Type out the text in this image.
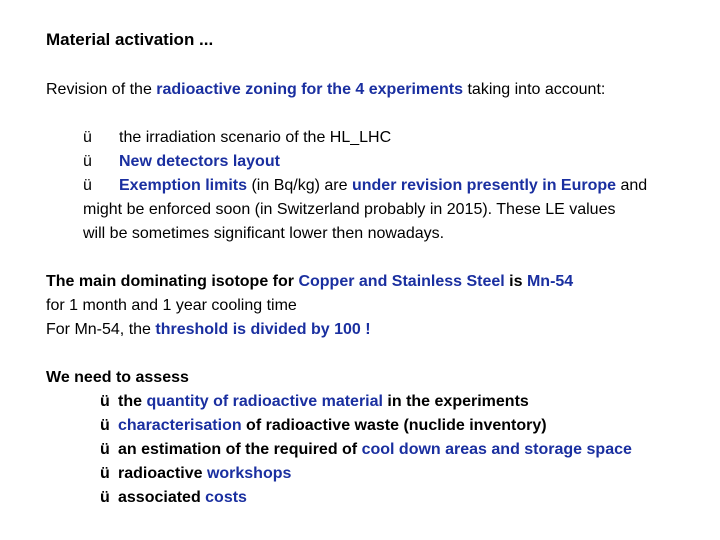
Material activation ...
Revision of the radioactive zoning for the 4 experiments taking into account:
ü the irradiation scenario of the HL_LHC
ü New detectors layout
ü Exemption limits (in Bq/kg) are under revision presently in Europe and
might be enforced soon (in Switzerland probably in 2015). These LE values
will be sometimes significant lower then nowadays.
The main dominating isotope for Copper and Stainless Steel is Mn-54
for 1 month and 1 year cooling time
For Mn-54, the threshold is divided by 100 !
We need to assess
ü the quantity of radioactive material in the experiments
ü characterisation of radioactive waste (nuclide inventory)
ü an estimation of the required of cool down areas and storage space
ü radioactive workshops
ü associated costs
